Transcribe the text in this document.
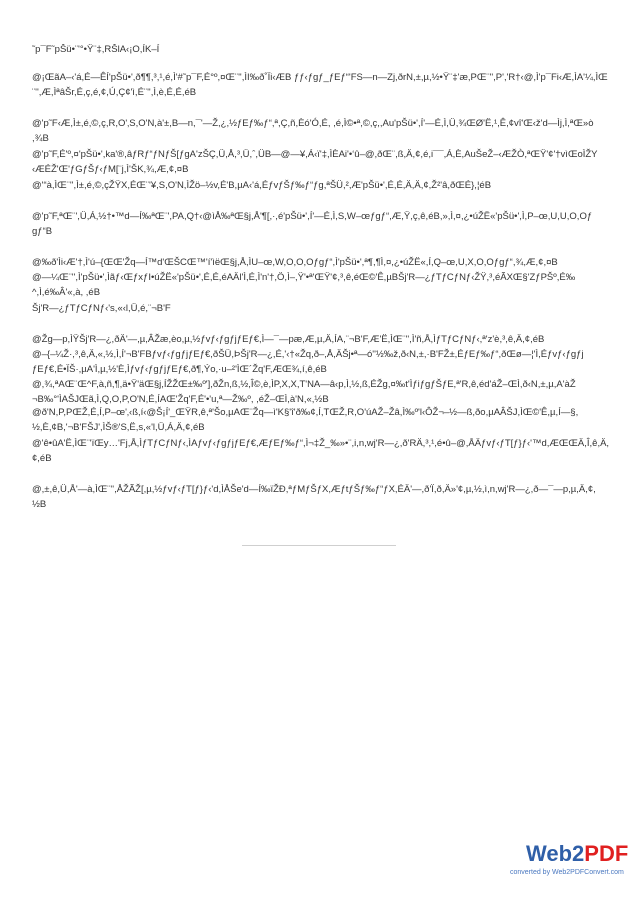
˜p¯F˜pŠü•¨'°•Ÿ¨‡,RŠlA‹¡O,ÍK–Í
@¡ŒãA–‹'á,É—ÊÍ'pŠü•',ð¶¶,³,¹,é,Ì'#˜p¯F,É°º,¤Œ¨'',ÌI‰ð˚Ïi‹ÆB ƒƒ‹ƒgƒ_ƒEƒ“'FS—n—Zj,ðrN,±,µ,½•Ÿ¨‡'æ,PŒ¨'',P','R†‹@,Ì'p¯Fi‹Æ,ÌA'¼,ÌŒ
¨'',Æ,ÌªâŠr,É,ç,é,¢,Ú,Ç¢'ì,É¨'',Ì,è,É,É,éB
@'p˜F‹Æ,Ì±,é,©,ç,R,O'‚S,O'N,à'±,B—n,¯'—Ž,¿,½ƒEƒ‰ƒ“,ª,Ç,ñ,Èó'Ó,É, ,é,Ì©•ª,©,ç,,Au'pŠü•',Í'—É,Ì,Ü,¾ŒØ'Ë,¹,Ê,¢vî'Œ‹ž'd—Ìj,Ì,ªŒ»ò
,¾B
@'p˜F,É'º,¤'pŠü•',ka'®,âƒRƒ“ƒNƒŠ[ƒgA'zŠÇ,Ü,Å,³,Ü,ˆ,ÜB—@—¥,Á‹ï'‡,ÌÈAi'•‘û–@,ðŒ¨,ß,Ä,¢,é,i¯¯,Á,È,AuŠeŽ–‹ÆŽÒ,ªŒŸ'¢'†vìŒoÌŽY
‹ÆÉŽ'Œ'ƒGƒŠƒ‹ƒM[¨j,Ì'ŠK,¾,Æ,¢,¤B
@'“à,ÌŒ¨'',Ì±,é,©,çŽŸX,ÉŒ¨'¥,S,O'N,ÌŽö–½v,É'B,µA‹'á,ÉƒvƒŠƒ‰ƒ“ƒg,ªŠÜ,²,Æ'pŠü•',É,É,Ä,Ä,¢,Ž²'â,ðŒÉ},¦éB
@'p˜F,ªŒ¨',Ü,Á,½†•™d—Í‰ªŒ¨',PA,Q†‹@ìÅ‰ªŒ§j,Å'¶[,·,é'pŠü•',Í'—É,Ì,S,W–œƒgƒ“,Æ,Ÿ,ç,ê,éB,»,Ì,¤,¿•úŽË«'pŠü•',Ì,P–œ,U,U,O,Oƒ
gƒ“B
@‰ð'Ìi‹Æ'†,Ì'ú–{ŒŒ'Žq—Í™d'ŒŠCŒ™'í'ìëŒ§j,Å,ÌU–œ,W,O,O,Oƒgƒ“,Ì'pŠü•',ª¶,¶Ì,¤,¿•úŽË«,Í,Q–œ,U,X,O,Oƒgƒ“,¾,Æ,¢,¤B
@—¼Œ¨'',Ì'pŠü•',Ìãƒ‹ŒƒxƒI•úŽË«'pŠü•',É,É,éAÄl'Ì,É,Ì'n'†,Ö,Ì–,Ÿ'•ª'ŒŸ'¢,³,ê,éŒ©'Ê,µBŠj'R—¿ƒTƒCƒNƒ‹ŽŸ,³,éÃXŒ§'ZƒPŠº,É‰
^,Ì,é‰Â'«,à, ,éB
Šj'R—¿ƒTƒCƒNƒ‹'s,«‹l,Ü,é,¨¬B'F
@Žg—p,ÌŸŠj'R—¿,ðÄ'—,µ,ÂŽæ,èo,µ,½ƒvƒ‹ƒgƒjƒEƒ€,Ì—¯—pæ,Æ,µ,Ä,ÍA,¨¬B'F,Æ'Ë,ÌŒ¨'',Ì'ñ,Å,ÌƒTƒCƒNƒ‹,ª'z'è,³,ê,Ä,¢,éB
@–{–¼Ž·,³,ê,Ä,«,½,Ì,Í'¬B'FBƒvƒ‹ƒgƒjƒEƒ€,ðŠÜ,ÞŠj'R—¿,É,'‹†«Žq,ð–,Å,ÄŠj•ª—ó''½‰ž,ð‹N,±,·B'FŽ±,ÉƒEƒ‰ƒ“,ðŒø—¦'Ì,Éƒvƒ‹ƒgƒj
ƒEƒ€,É•ÏŠ·,µA'Ì,µ,½'È,Ìƒvƒ‹ƒgƒjƒEƒ€,ð¶,Ýo,·u–²'ÌŒ´Žq'F,ÆŒ¾,í,ê,éB
@,¾,ªAŒ¨Œ^F,à,ñ,¶,ä•Ÿ'äŒ§j,ÍŽŽŒ±‰º'],ðŽn,ß,½,Î©,è,ÌP,X,X,T'NA—â‹p,Ì,½,ß,ÉŽg,¤‰t'ÌƒiƒgƒŠƒE,ª'R,ê,éd'áŽ–ŒÌ,ð‹N,±,µ,A'àŽ
¬B‰°'ÌAŠJŒã,Ì,Q,O,P,O'N,É,ÍAŒ'Žq'F,É'•'u,ª—Ž‰º, ,éŽ–ŒÌ,à'N,«,½B
@ð'N,P,PŒŽ,É,Í,P–œ'‚‹ß,í‹@Š¡Í'_ŒŸR,ê,ª'Šo,µAŒ¨Žq—ì'K§'î'ð‰¢,Í,TŒŽ,R,O'úAŽ–Žâ,Ì‰º'l‹ÔŽ¬–½—ß,ðo,µAÂŠJ,ÌŒ©'Ê,µ,Í—§,
½,È,¢B,'¬B'FŠJ',ÌŠ®'S,Ë,s,«'l,Ü,Á,Ä,¢,éB
@'ê•ûA'Ë,ÌŒ¨'ïŒy…'Fj,Å,ÌƒTƒCƒNƒ‹,ÌAƒvƒ‹ƒgƒjƒEƒ€,ÆƒEƒ‰ƒ“,Ì¬‡Ž_‰»•¨,i,n,wj'R—¿,ð'RÄ,³,¹,é•û–@,ÅÄƒvƒ‹ƒT[ƒ}ƒ‹'™d,ÆŒŒÄ,Î,ê,Ä,
¢,éB
@,±,ê,Ü,Å'—à,ÌŒ¨'',ÅŽÃŽ[,µ,½ƒvƒ‹ƒT[ƒ}ƒ‹'d,ÌÅŠe'd—Í‰ïŽÐ,ªƒMƒŠƒX,ÆƒtƒŠƒ‰ƒ“ƒX,ÉÄ'—,ð'Ï,ð,Ä»'¢,µ,½,ì,n,wj'R—¿,ð—¯—p,µ,Ä,¢,
½B
Web2PDF
converted by Web2PDFConvert.com
